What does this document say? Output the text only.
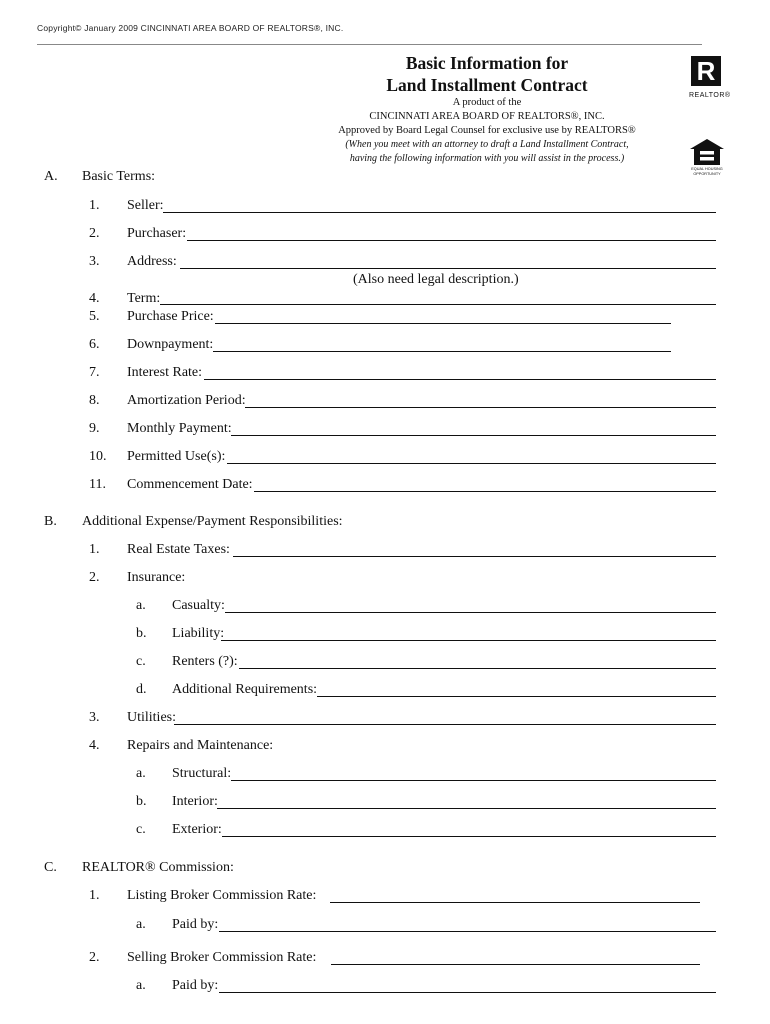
Copyright© January 2009 CINCINNATI AREA BOARD OF REALTORS®, INC.
Basic Information for
Land Installment Contract
A product of the
CINCINNATI AREA BOARD OF REALTORS®, INC.
Approved by Board Legal Counsel for exclusive use by REALTORS®
(When you meet with an attorney to draft a Land Installment Contract,
having the following information with you will assist in the process.)
R
REALTOR®
EQUAL HOUSING
OPPORTUNITY
A. Basic Terms:
1. Seller:
2. Purchaser:
3. Address:
(Also need legal description.)
4. Term:
5. Purchase Price:
6. Downpayment:
7. Interest Rate:
8. Amortization Period:
9. Monthly Payment:
10. Permitted Use(s):
11. Commencement Date:
B. Additional Expense/Payment Responsibilities:
1. Real Estate Taxes:
2. Insurance:
a. Casualty:
b. Liability:
c. Renters (?):
d. Additional Requirements:
3. Utilities:
4. Repairs and Maintenance:
a. Structural:
b. Interior:
c. Exterior:
C. REALTOR® Commission:
1. Listing Broker Commission Rate:
a. Paid by:
2. Selling Broker Commission Rate:
a. Paid by:
